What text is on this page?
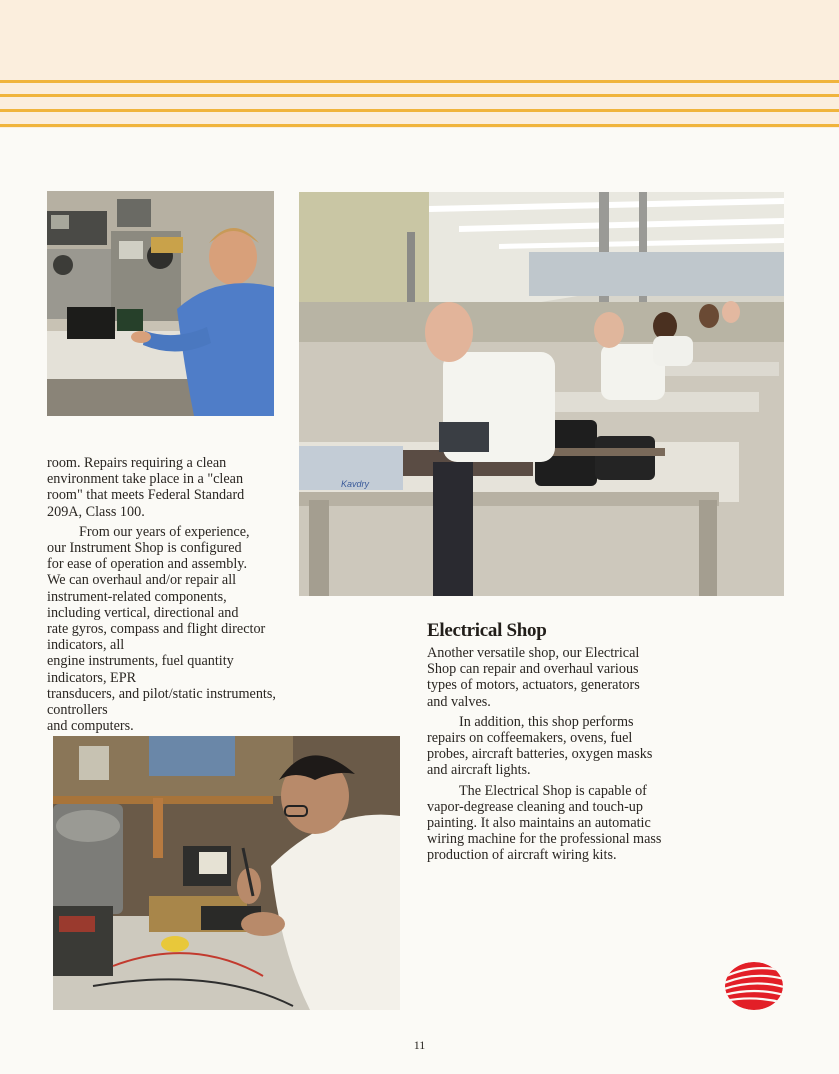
Kavdry

room. Repairs requiring a clean environment take place in a "clean room" that meets Federal Standard 209A, Class 100.

From our years of experience,
our Instrument Shop is configured
for ease of operation and assembly.
We can overhaul and/or repair all
instrument-related components,
including vertical, directional and
rate gyros, compass and flight director indicators, all
engine instruments, fuel quantity indicators, EPR
transducers, and pilot/static instruments, controllers
and computers.

Electrical Shop

Another versatile shop, our Electrical Shop can repair and overhaul various types of motors, actuators, generators and valves.

In addition, this shop performs repairs on coffeemakers, ovens, fuel probes, aircraft batteries, oxygen masks and aircraft lights.

The Electrical Shop is capable of vapor-degrease cleaning and touch-up painting. It also maintains an automatic wiring machine for the professional mass production of aircraft wiring kits.

11
